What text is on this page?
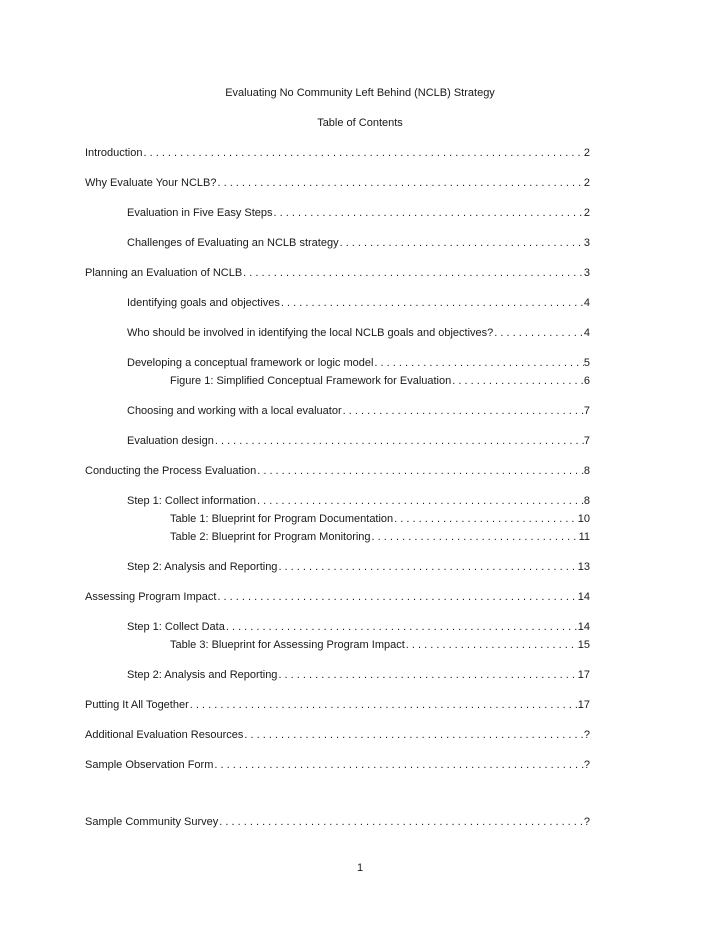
Evaluating No Community Left Behind (NCLB) Strategy
Table of Contents
Introduction . . .	2
Why Evaluate Your NCLB? . . .	2
Evaluation in Five Easy Steps . . .	2
Challenges of Evaluating an NCLB strategy . . .	3
Planning an Evaluation of NCLB . . .	3
Identifying goals and objectives . . .	4
Who should be involved in identifying the local NCLB goals and objectives? . . .	4
Developing a conceptual framework or logic model . . .	5
Figure 1: Simplified Conceptual Framework for Evaluation . . .	6
Choosing and working with a local evaluator . . .	7
Evaluation design . . .	7
Conducting the Process Evaluation . . .	8
Step 1: Collect information . . .	8
Table 1: Blueprint for Program Documentation . . .	10
Table 2: Blueprint for Program Monitoring . . .	11
Step 2: Analysis and Reporting . . .	13
Assessing Program Impact . . .	14
Step 1: Collect Data . . .	14
Table 3: Blueprint for Assessing Program Impact . . .	15
Step 2: Analysis and Reporting . . .	17
Putting It All Together . . .	17
Additional Evaluation Resources . . .	?
Sample Observation Form . . .	?
Sample Community Survey . . .	?
1
